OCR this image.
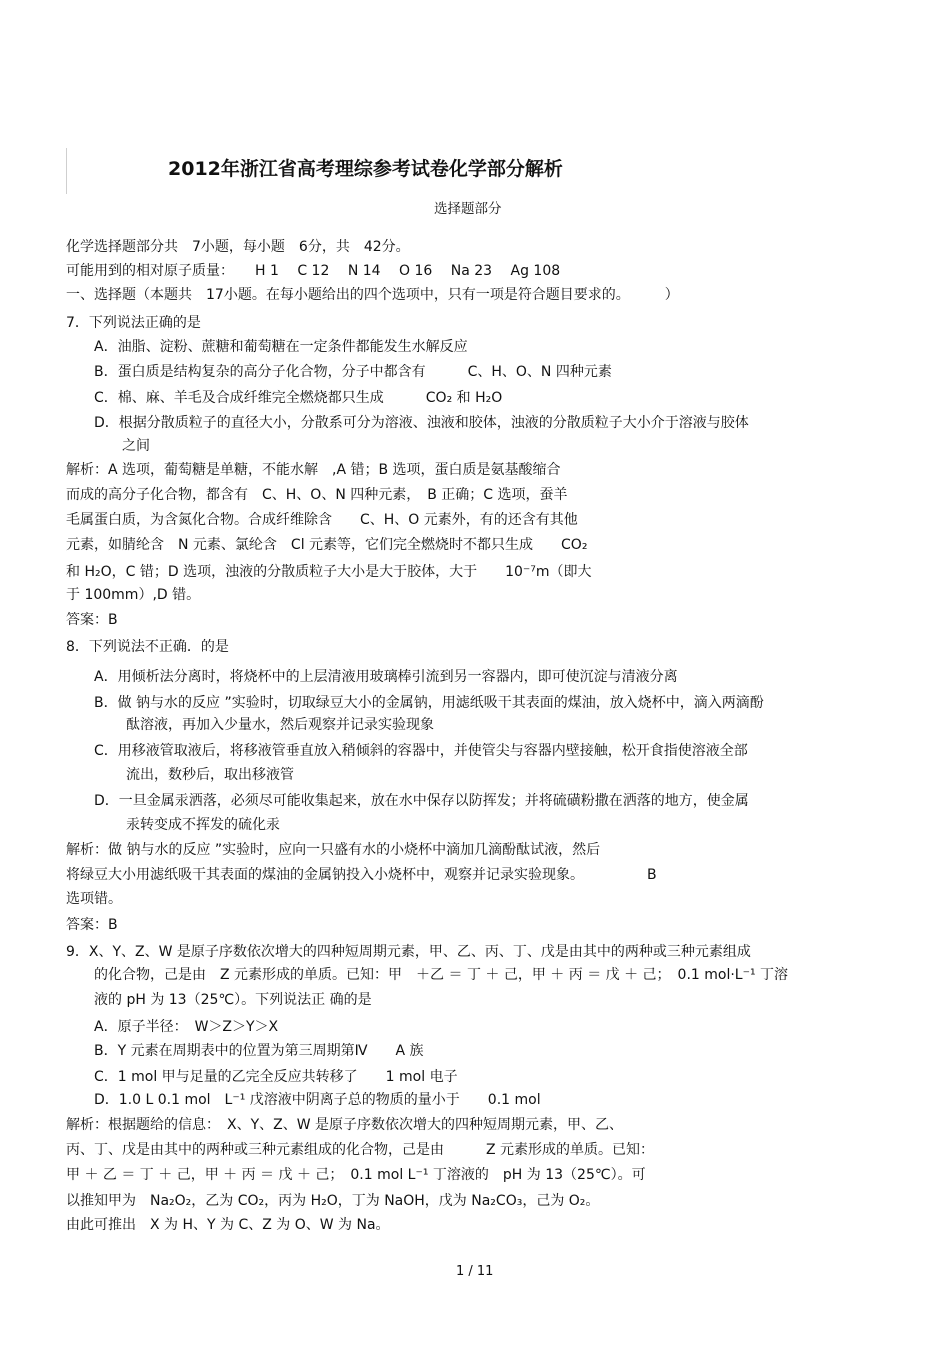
2012年浙江省高考理综参考试卷化学部分解析
选择题部分
化学选择题部分共　7小题，每小题　6分，共　42分。
可能用到的相对原子质量：　　H 1　 C 12　 N 14　 O 16　 Na 23　 Ag 108
一、选择题（本题共　17小题。在每小题给出的四个选项中，只有一项是符合题目要求的。　　　）
7．下列说法正确的是
A．油脂、淀粉、蔗糖和葡萄糖在一定条件都能发生水解反应
B．蛋白质是结构复杂的高分子化合物，分子中都含有　　　C、H、O、N 四种元素
C．棉、麻、羊毛及合成纤维完全燃烧都只生成　　　CO₂ 和 H₂O
D．根据分散质粒子的直径大小，分散系可分为溶液、浊液和胶体，浊液的分散质粒子大小介于溶液与胶体
之间
解析：A 选项，葡萄糖是单糖，不能水解　,A 错；B 选项，蛋白质是氨基酸缩合
而成的高分子化合物，都含有　C、H、O、N 四种元素，　B 正确；C 选项，蚕羊
毛属蛋白质，为含氮化合物。合成纤维除含　　C、H、O 元素外，有的还含有其他
元素，如腈纶含　N 元素、氯纶含　Cl 元素等，它们完全燃烧时不都只生成　　CO₂
和 H₂O，C 错；D 选项，浊液的分散质粒子大小是大于胶体，大于　　10⁻⁷m（即大
于 100mm）,D 错。
答案：B
8．下列说法不正确．的是
A．用倾析法分离时，将烧杯中的上层清液用玻璃棒引流到另一容器内，即可使沉淀与清液分离
B．做 钠与水的反应 ”实验时，切取绿豆大小的金属钠，用滤纸吸干其表面的煤油，放入烧杯中，滴入两滴酚
酞溶液，再加入少量水，然后观察并记录实验现象
C．用移液管取液后，将移液管垂直放入稍倾斜的容器中，并使管尖与容器内壁接触，松开食指使溶液全部
流出，数秒后，取出移液管
D．一旦金属汞洒落，必须尽可能收集起来，放在水中保存以防挥发；并将硫磺粉撒在洒落的地方，使金属
汞转变成不挥发的硫化汞
解析：做 钠与水的反应 ”实验时，应向一只盛有水的小烧杯中滴加几滴酚酞试液，然后
将绿豆大小用滤纸吸干其表面的煤油的金属钠投入小烧杯中，观察并记录实验现象。　　　　　B
选项错。
答案：B
9．X、Y、Z、W 是原子序数依次增大的四种短周期元素，甲、乙、丙、丁、戊是由其中的两种或三种元素组成
的化合物，己是由　Z 元素形成的单质。已知：甲　＋乙 ＝ 丁 ＋ 己，甲 ＋ 丙 ＝ 戊 ＋ 己；　0.1 mol·L⁻¹ 丁溶
液的 pH 为 13（25℃）。下列说法正 确的是
A．原子半径：　W＞Z＞Y＞X
B．Y 元素在周期表中的位置为第三周期第Ⅳ　　A 族
C．1 mol 甲与足量的乙完全反应共转移了　　1 mol 电子
D．1.0 L 0.1 mol　L⁻¹ 戊溶液中阴离子总的物质的量小于　　0.1 mol
解析：根据题给的信息：　X、Y、Z、W 是原子序数依次增大的四种短周期元素，甲、乙、
丙、丁、戊是由其中的两种或三种元素组成的化合物，己是由　　　Z 元素形成的单质。已知：
甲 ＋ 乙 ＝ 丁 ＋ 己，甲 ＋ 丙 ＝ 戊 ＋ 己；　0.1 mol L⁻¹ 丁溶液的　pH 为 13（25℃）。可
以推知甲为　Na₂O₂，乙为 CO₂，丙为 H₂O，丁为 NaOH，戊为 Na₂CO₃，己为 O₂。
由此可推出　X 为 H、Y 为 C、Z 为 O、W 为 Na。
1 / 11
